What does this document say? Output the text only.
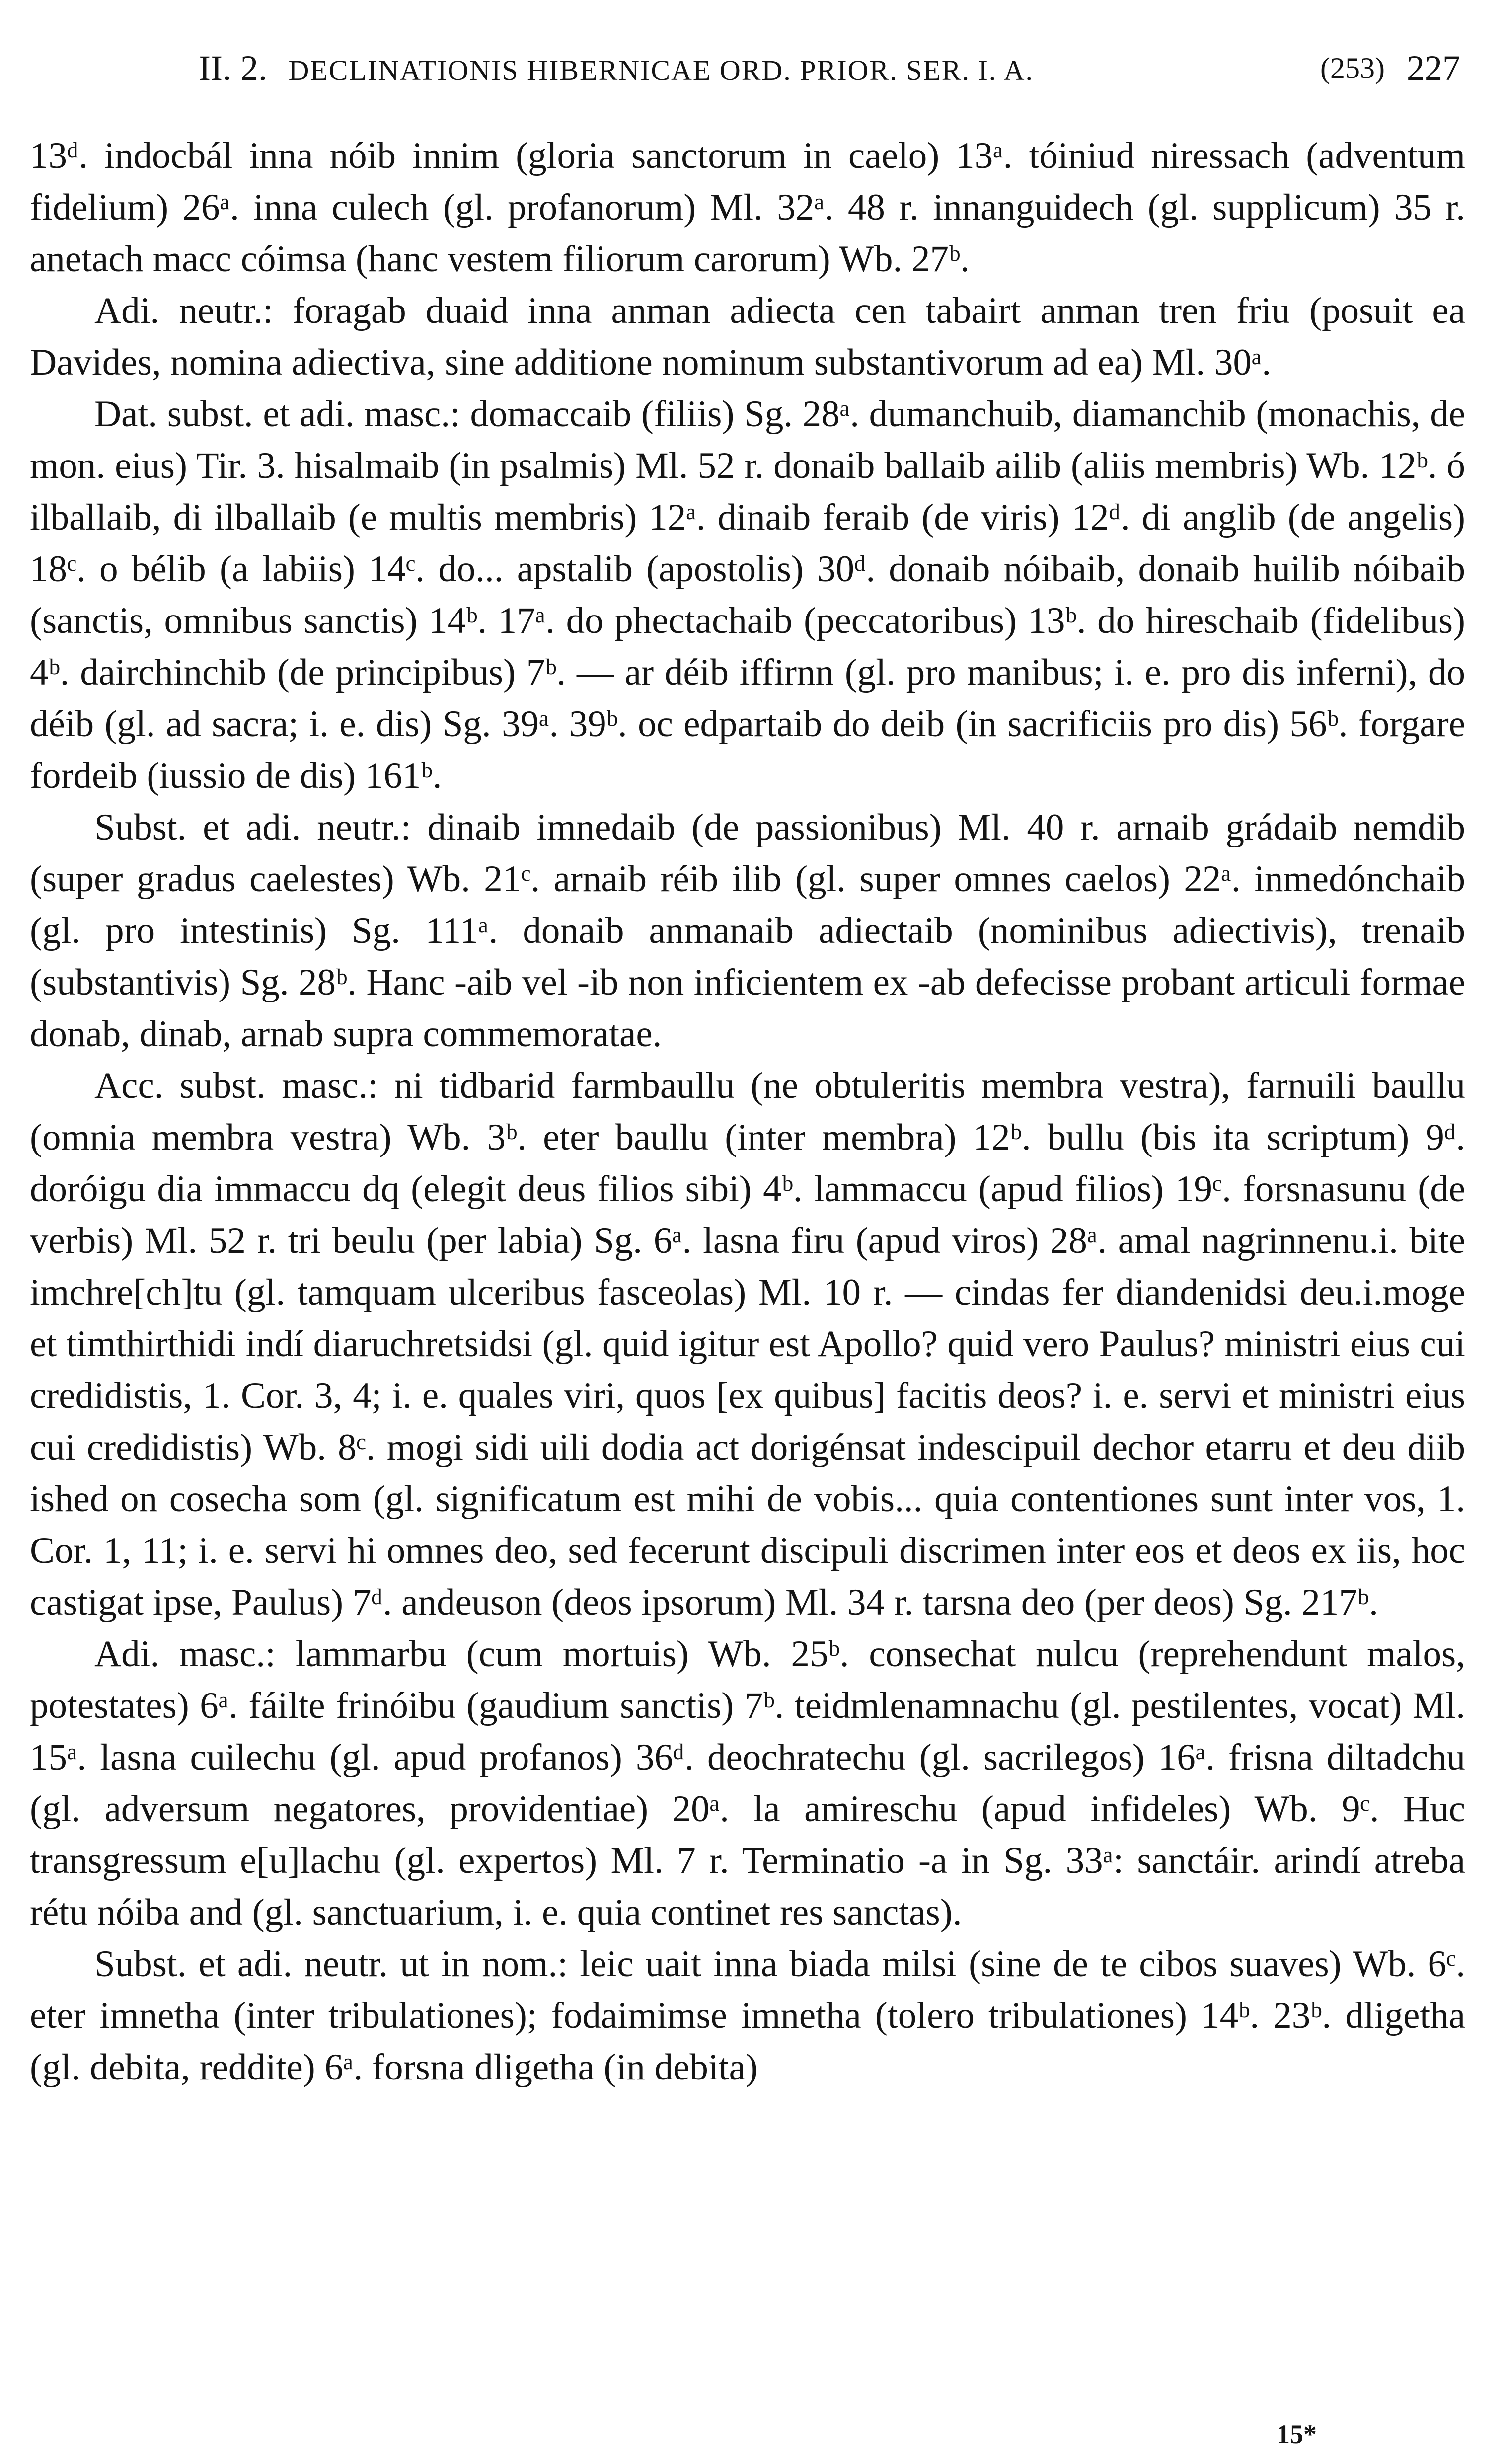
II. 2. DECLINATIONIS HIBERNICAE ORD. PRIOR. SER. I. A.	(253) 227

13ᵈ. indocbál inna nóib innim (gloria sanctorum in caelo) 13ᵃ. tóiniud niressach (adventum fidelium) 26ᵃ. inna culech (gl. profanorum) Ml. 32ᵃ. 48 r. innanguidech (gl. supplicum) 35 r. anetach macc cóimsa (hanc vestem filiorum carorum) Wb. 27ᵇ.

Adi. neutr.: foragab duaid inna anman adiecta cen tabairt anman tren friu (posuit ea Davides, nomina adiectiva, sine additione nominum substantivorum ad ea) Ml. 30ᵃ.

Dat. subst. et adi. masc.: domaccaib (filiis) Sg. 28ᵃ. dumanchuib, diamanchib (monachis, de mon. eius) Tir. 3. hisalmaib (in psalmis) Ml. 52 r. donaib ballaib ailib (aliis membris) Wb. 12ᵇ. ó ilballaib, di ilballaib (e multis membris) 12ᵃ. dinaib feraib (de viris) 12ᵈ. di anglib (de angelis) 18ᶜ. o bélib (a labiis) 14ᶜ. do... apstalib (apostolis) 30ᵈ. donaib nóibaib, donaib huilib nóibaib (sanctis, omnibus sanctis) 14ᵇ. 17ᵃ. do phectachaib (peccatoribus) 13ᵇ. do hireschaib (fidelibus) 4ᵇ. dairchinchib (de principibus) 7ᵇ. — ar déib iffirnn (gl. pro manibus; i. e. pro dis inferni), do déib (gl. ad sacra; i. e. dis) Sg. 39ᵃ. 39ᵇ. oc edpartaib do deib (in sacrificiis pro dis) 56ᵇ. forgare fordeib (iussio de dis) 161ᵇ.

Subst. et adi. neutr.: dinaib imnedaib (de passionibus) Ml. 40 r. arnaib grádaib nemdib (super gradus caelestes) Wb. 21ᶜ. arnaib réib ilib (gl. super omnes caelos) 22ᵃ. inmedónchaib (gl. pro intestinis) Sg. 111ᵃ. donaib anmanaib adiectaib (nominibus adiectivis), trenaib (substantivis) Sg. 28ᵇ. Hanc -aib vel -ib non inficientem ex -ab defecisse probant articuli formae donab, dinab, arnab supra commemoratae.

Acc. subst. masc.: ni tidbarid farmbaullu (ne obtuleritis membra vestra), farnuili baullu (omnia membra vestra) Wb. 3ᵇ. eter baullu (inter membra) 12ᵇ. bullu (bis ita scriptum) 9ᵈ. doróigu dia immaccu dq (elegit deus filios sibi) 4ᵇ. lammaccu (apud filios) 19ᶜ. forsnasunu (de verbis) Ml. 52 r. tri beulu (per labia) Sg. 6ᵃ. lasna firu (apud viros) 28ᵃ. amal nagrinnenu.i. bite imchre[ch]tu (gl. tamquam ulceribus fasceolas) Ml. 10 r. — cindas fer diandenidsi deu.i.moge et timthirthidi indí diaruchretsidsi (gl. quid igitur est Apollo? quid vero Paulus? ministri eius cui credidistis, 1. Cor. 3, 4; i. e. quales viri, quos [ex quibus] facitis deos? i. e. servi et ministri eius cui credidistis) Wb. 8ᶜ. mogi sidi uili dodia act dorigénsat indescipuil dechor etarru et deu diib ished on cosecha som (gl. significatum est mihi de vobis... quia contentiones sunt inter vos, 1. Cor. 1, 11; i. e. servi hi omnes deo, sed fecerunt discipuli discrimen inter eos et deos ex iis, hoc castigat ipse, Paulus) 7ᵈ. andeuson (deos ipsorum) Ml. 34 r. tarsna deo (per deos) Sg. 217ᵇ.

Adi. masc.: lammarbu (cum mortuis) Wb. 25ᵇ. consechat nulcu (reprehendunt malos, potestates) 6ᵃ. fáilte frinóibu (gaudium sanctis) 7ᵇ. teidmlenamnachu (gl. pestilentes, vocat) Ml. 15ᵃ. lasna cuilechu (gl. apud profanos) 36ᵈ. deochratechu (gl. sacrilegos) 16ᵃ. frisna diltadchu (gl. adversum negatores, providentiae) 20ᵃ. la amireschu (apud infideles) Wb. 9ᶜ. Huc transgressum e[u]lachu (gl. expertos) Ml. 7 r. Terminatio -a in Sg. 33ᵃ: sanctáir. arindí atreba rétu nóiba and (gl. sanctuarium, i. e. quia continet res sanctas).

Subst. et adi. neutr. ut in nom.: leic uait inna biada milsi (sine de te cibos suaves) Wb. 6ᶜ. eter imnetha (inter tribulationes); fodaimimse imnetha (tolero tribulationes) 14ᵇ. 23ᵇ. dligetha (gl. debita, reddite) 6ᵃ. forsna dligetha (in debita)

15*
